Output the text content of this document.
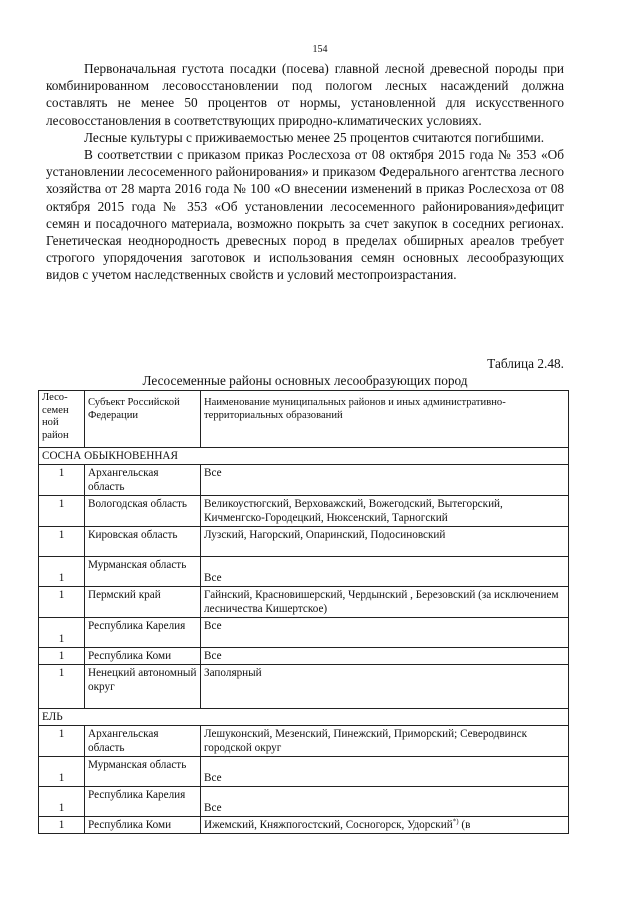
154

Первоначальная густота посадки (посева) главной лесной древесной породы при комбинированном лесовосстановлении под пологом лесных насаждений должна составлять не менее 50 процентов от нормы, установленной для искусственного лесовосстановления в соответствующих природно-климатических условиях.

Лесные культуры с приживаемостью менее 25 процентов считаются погибшими.

В соответствии с приказом приказ Рослесхоза от 08 октября 2015 года № 353 «Об установлении лесосеменного районирования» и приказом Федерального агентства лесного хозяйства от 28 марта 2016 года № 100 «О внесении изменений в приказ Рослесхоза от 08 октября 2015 года № 353 «Об установлении лесосеменного районирования»дефицит семян и посадочного материала, возможно покрыть за счет закупок в соседних регионах. Генетическая неоднородность древесных пород в пределах обширных ареалов требует строгого упорядочения заготовок и использования семян основных лесообразующих видов с учетом наследственных свойств и условий местопроизрастания.

Таблица 2.48.
Лесосеменные районы основных лесообразующих пород
Лесо-семен ной район	Субъект Российской Федерации	Наименование муниципальных районов и иных административно-территориальных образований
СОСНА ОБЫКНОВЕННАЯ		
1	Архангельская область	Все
1	Вологодская область	Великоустюгский, Верховажский, Вожегодский, Вытегорский, Кичменгско-Городецкий, Нюксенский, Тарногский
1	Кировская область	Лузский, Нагорский, Опаринский, Подосиновский
1	Мурманская область	Все
1	Пермский край	Гайнский, Красновишерский, Чердынский , Березовский (за исключением лесничества Кишертское)
1	Республика Карелия	Все
1	Республика Коми	Все
1	Ненецкий автономный округ	Заполярный
ЕЛЬ		
1	Архангельская область	Лешуконский, Мезенский, Пинежский, Приморский; Северодвинск городской округ
1	Мурманская область	Все
1	Республика Карелия	Все
1	Республика Коми	Ижемский, Княжпогостский, Сосногорск, Удорский*) (в
